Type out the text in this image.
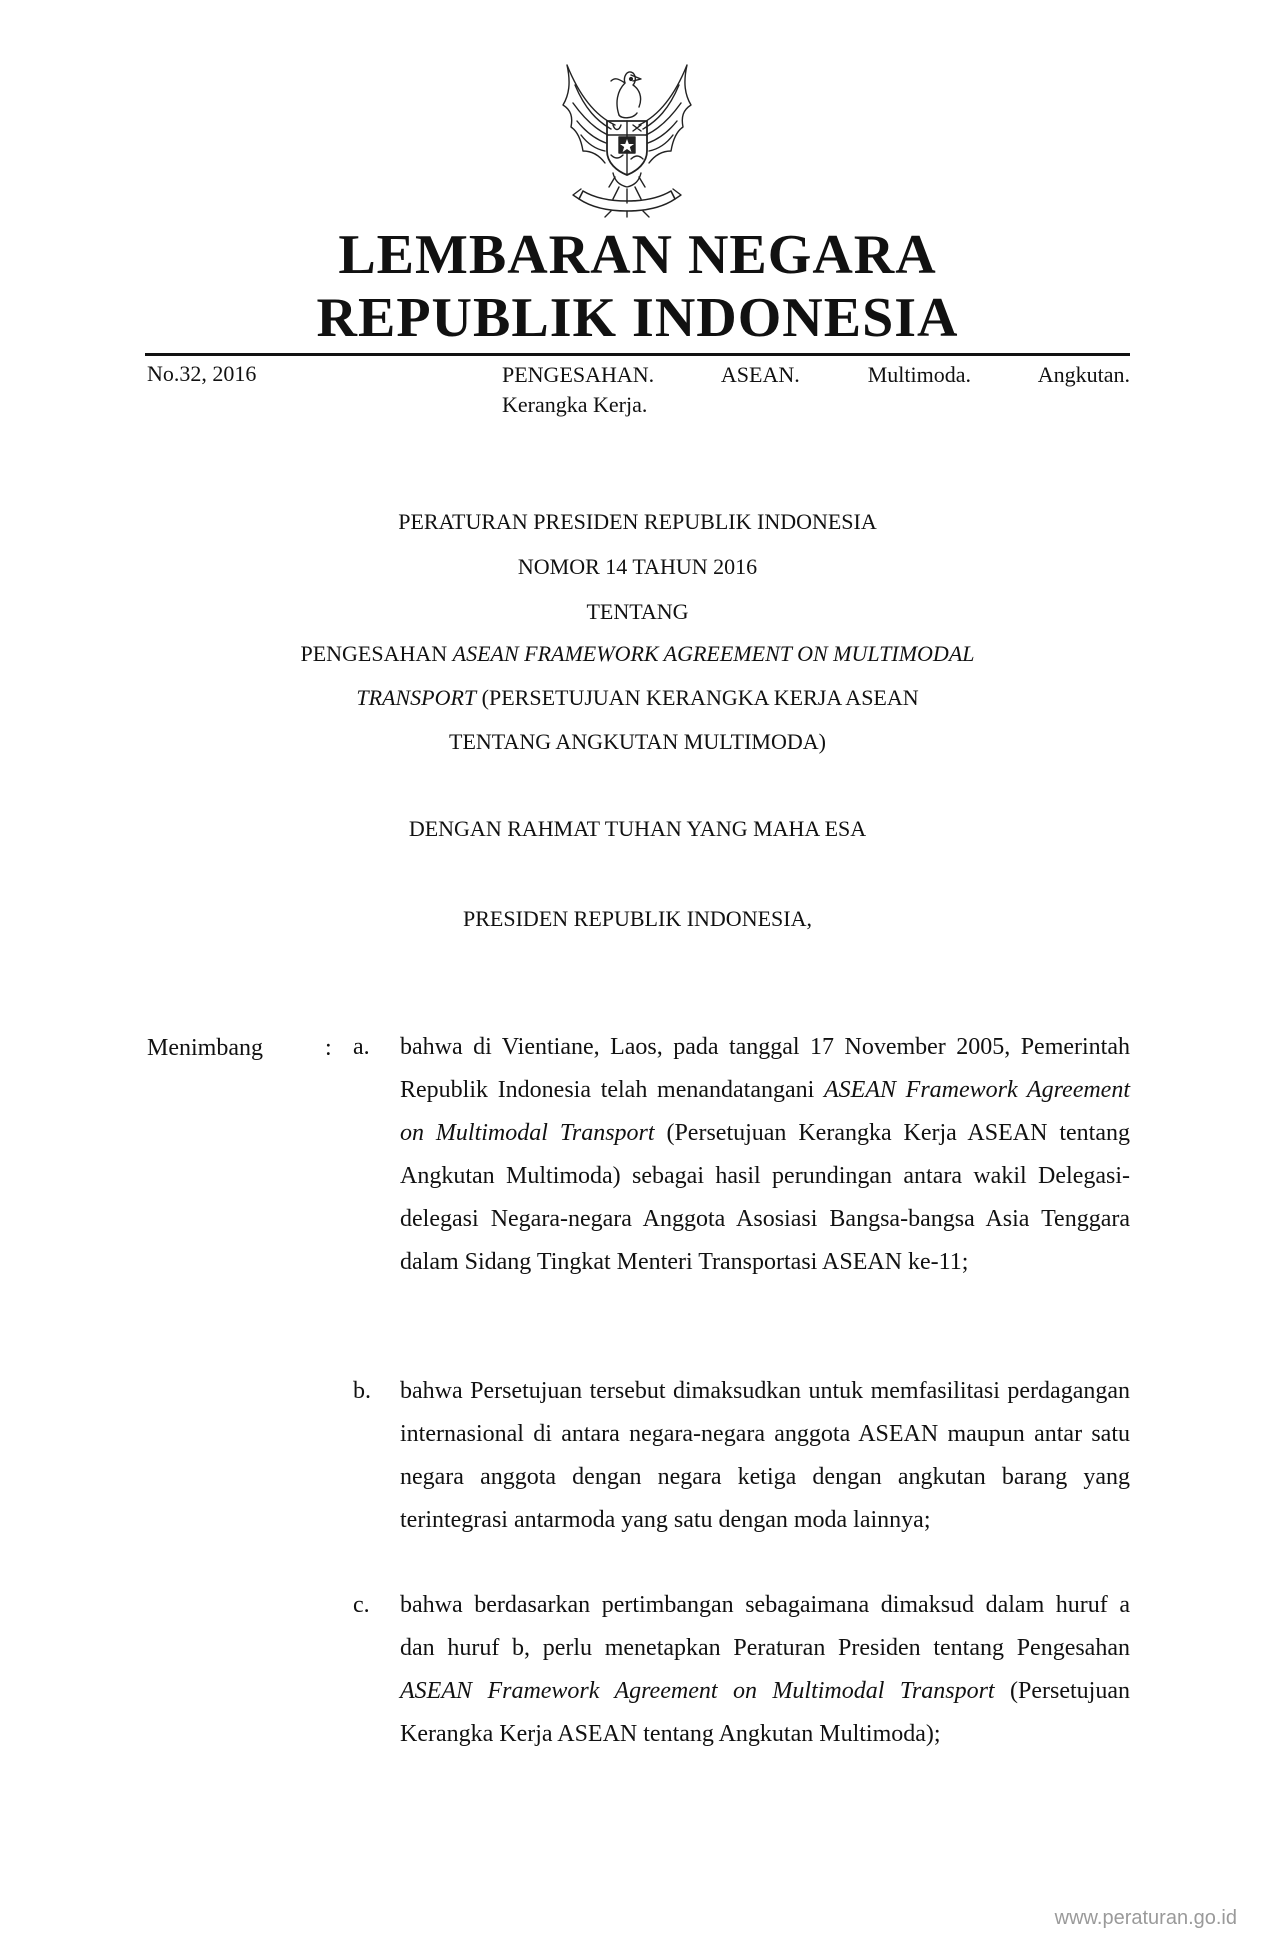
LEMBARAN NEGARA
REPUBLIK INDONESIA
No.32, 2016	PENGESAHAN. ASEAN. Multimoda. Angkutan.
Kerangka Kerja.
PERATURAN PRESIDEN REPUBLIK INDONESIA
NOMOR 14 TAHUN 2016
TENTANG
PENGESAHAN ASEAN FRAMEWORK AGREEMENT ON MULTIMODAL
TRANSPORT (PERSETUJUAN KERANGKA KERJA ASEAN
TENTANG ANGKUTAN MULTIMODA)
DENGAN RAHMAT TUHAN YANG MAHA ESA
PRESIDEN REPUBLIK INDONESIA,
Menimbang	: a.	bahwa di Vientiane, Laos, pada tanggal 17 November 2005, Pemerintah Republik Indonesia telah menandatangani ASEAN Framework Agreement on Multimodal Transport (Persetujuan Kerangka Kerja ASEAN tentang Angkutan Multimoda) sebagai hasil perundingan antara wakil Delegasi-delegasi Negara-negara Anggota Asosiasi Bangsa-bangsa Asia Tenggara dalam Sidang Tingkat Menteri Transportasi ASEAN ke-11;
b.	bahwa Persetujuan tersebut dimaksudkan untuk memfasilitasi perdagangan internasional di antara negara-negara anggota ASEAN maupun antar satu negara anggota dengan negara ketiga dengan angkutan barang yang terintegrasi antarmoda yang satu dengan moda lainnya;
c.	bahwa berdasarkan pertimbangan sebagaimana dimaksud dalam huruf a dan huruf b, perlu menetapkan Peraturan Presiden tentang Pengesahan ASEAN Framework Agreement on Multimodal Transport (Persetujuan Kerangka Kerja ASEAN tentang Angkutan Multimoda);
www.peraturan.go.id
